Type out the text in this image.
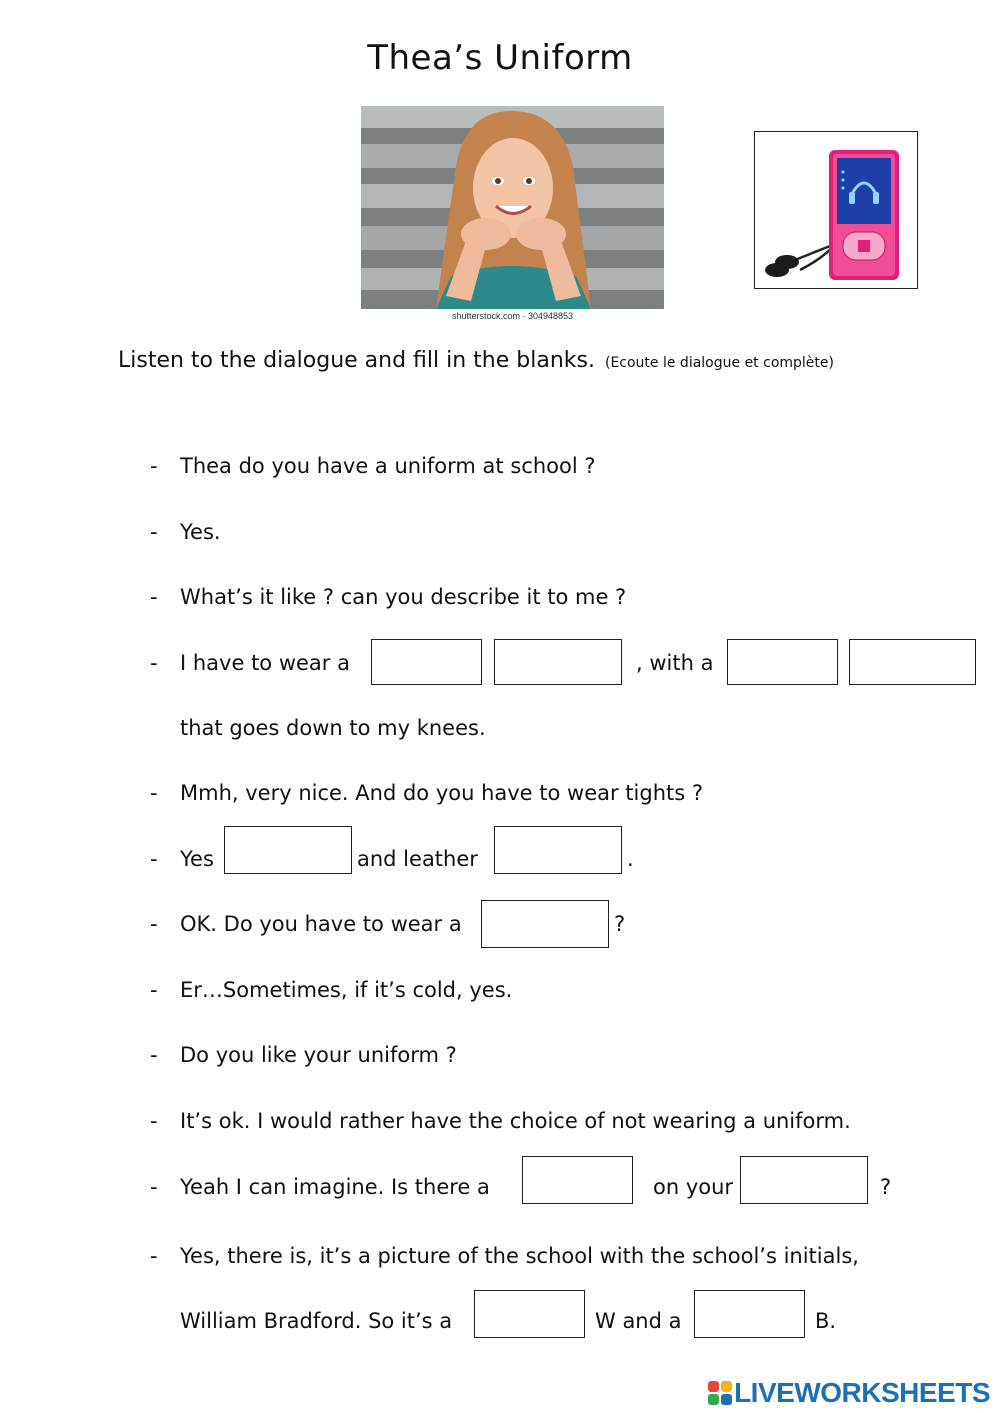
Thea’s Uniform
shutterstock.com · 304948853
Listen to the dialogue and fill in the blanks. (Ecoute le dialogue et complète)
- Thea do you have a uniform at school ?
- Yes.
- What’s it like ? can you describe it to me ?
- I have to wear a	, with a
that goes down to my knees.
- Mmh, very nice. And do you have to wear tights ?
- Yes	and leather	.
- OK. Do you have to wear a	?
- Er…Sometimes, if it’s cold, yes.
- Do you like your uniform ?
- It’s ok. I would rather have the choice of not wearing a uniform.
- Yeah I can imagine. Is there a	on your	?
- Yes, there is, it’s a picture of the school with the school’s initials,
William Bradford. So it’s a	W and a	B.
LIVEWORKSHEETS
